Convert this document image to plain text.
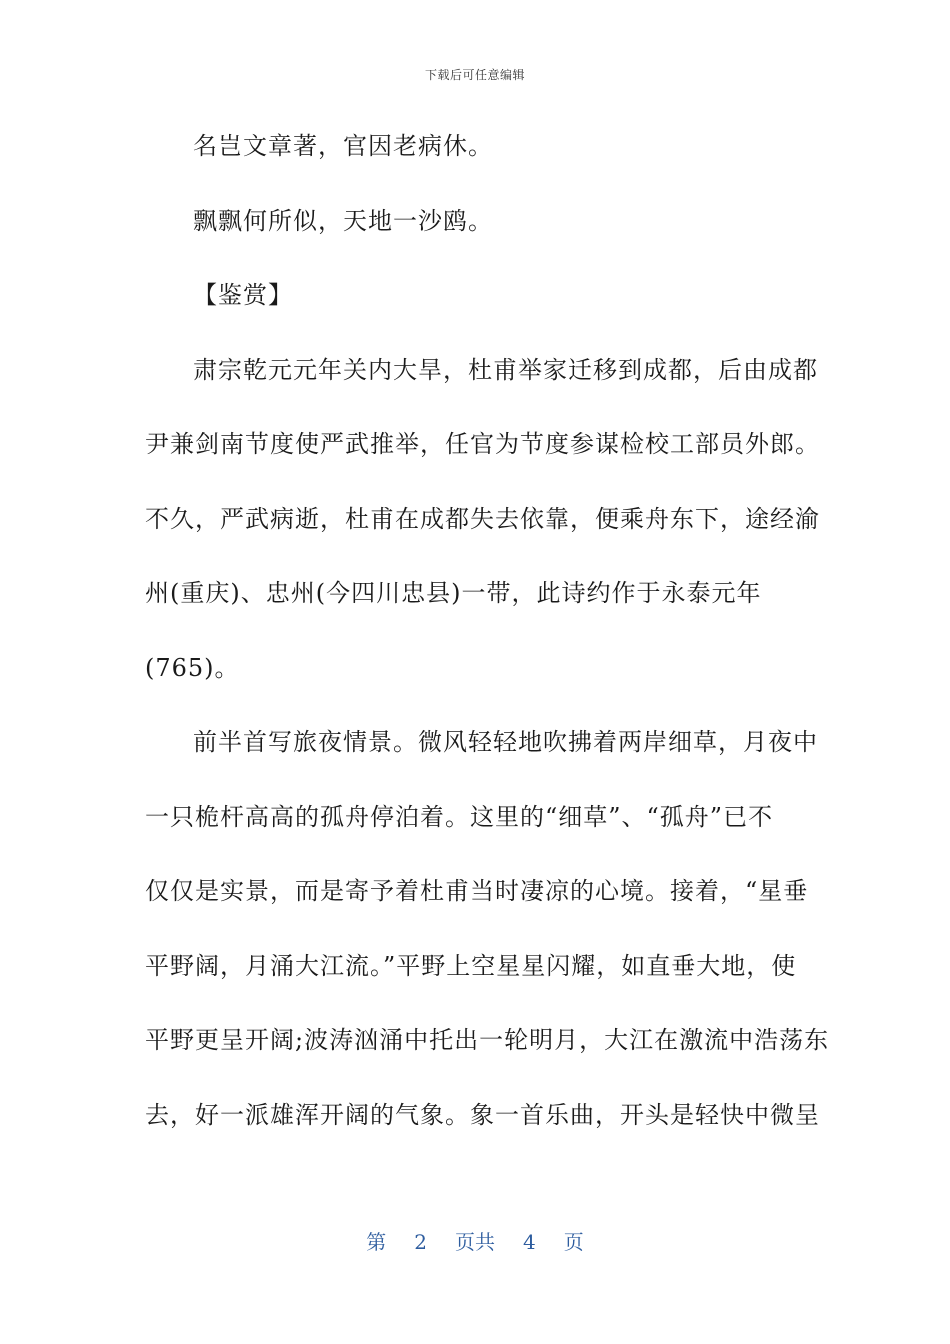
下载后可任意编辑
名岂文章著，官因老病休。
飘飘何所似，天地一沙鸥。
【鉴赏】
肃宗乾元元年关内大旱，杜甫举家迁移到成都，后由成都
尹兼剑南节度使严武推举，任官为节度参谋检校工部员外郎。
不久，严武病逝，杜甫在成都失去依靠，便乘舟东下，途经渝
州(重庆)、忠州(今四川忠县)一带，此诗约作于永泰元年
(765)。
前半首写旅夜情景。微风轻轻地吹拂着两岸细草，月夜中
一只桅杆高高的孤舟停泊着。这里的“细草”、“孤舟”已不
仅仅是实景，而是寄予着杜甫当时凄凉的心境。接着，“星垂
平野阔，月涌大江流。”平野上空星星闪耀，如直垂大地，使
平野更呈开阔;波涛汹涌中托出一轮明月，大江在激流中浩荡东
去，好一派雄浑开阔的气象。象一首乐曲，开头是轻快中微呈
第 2 页共 4 页
